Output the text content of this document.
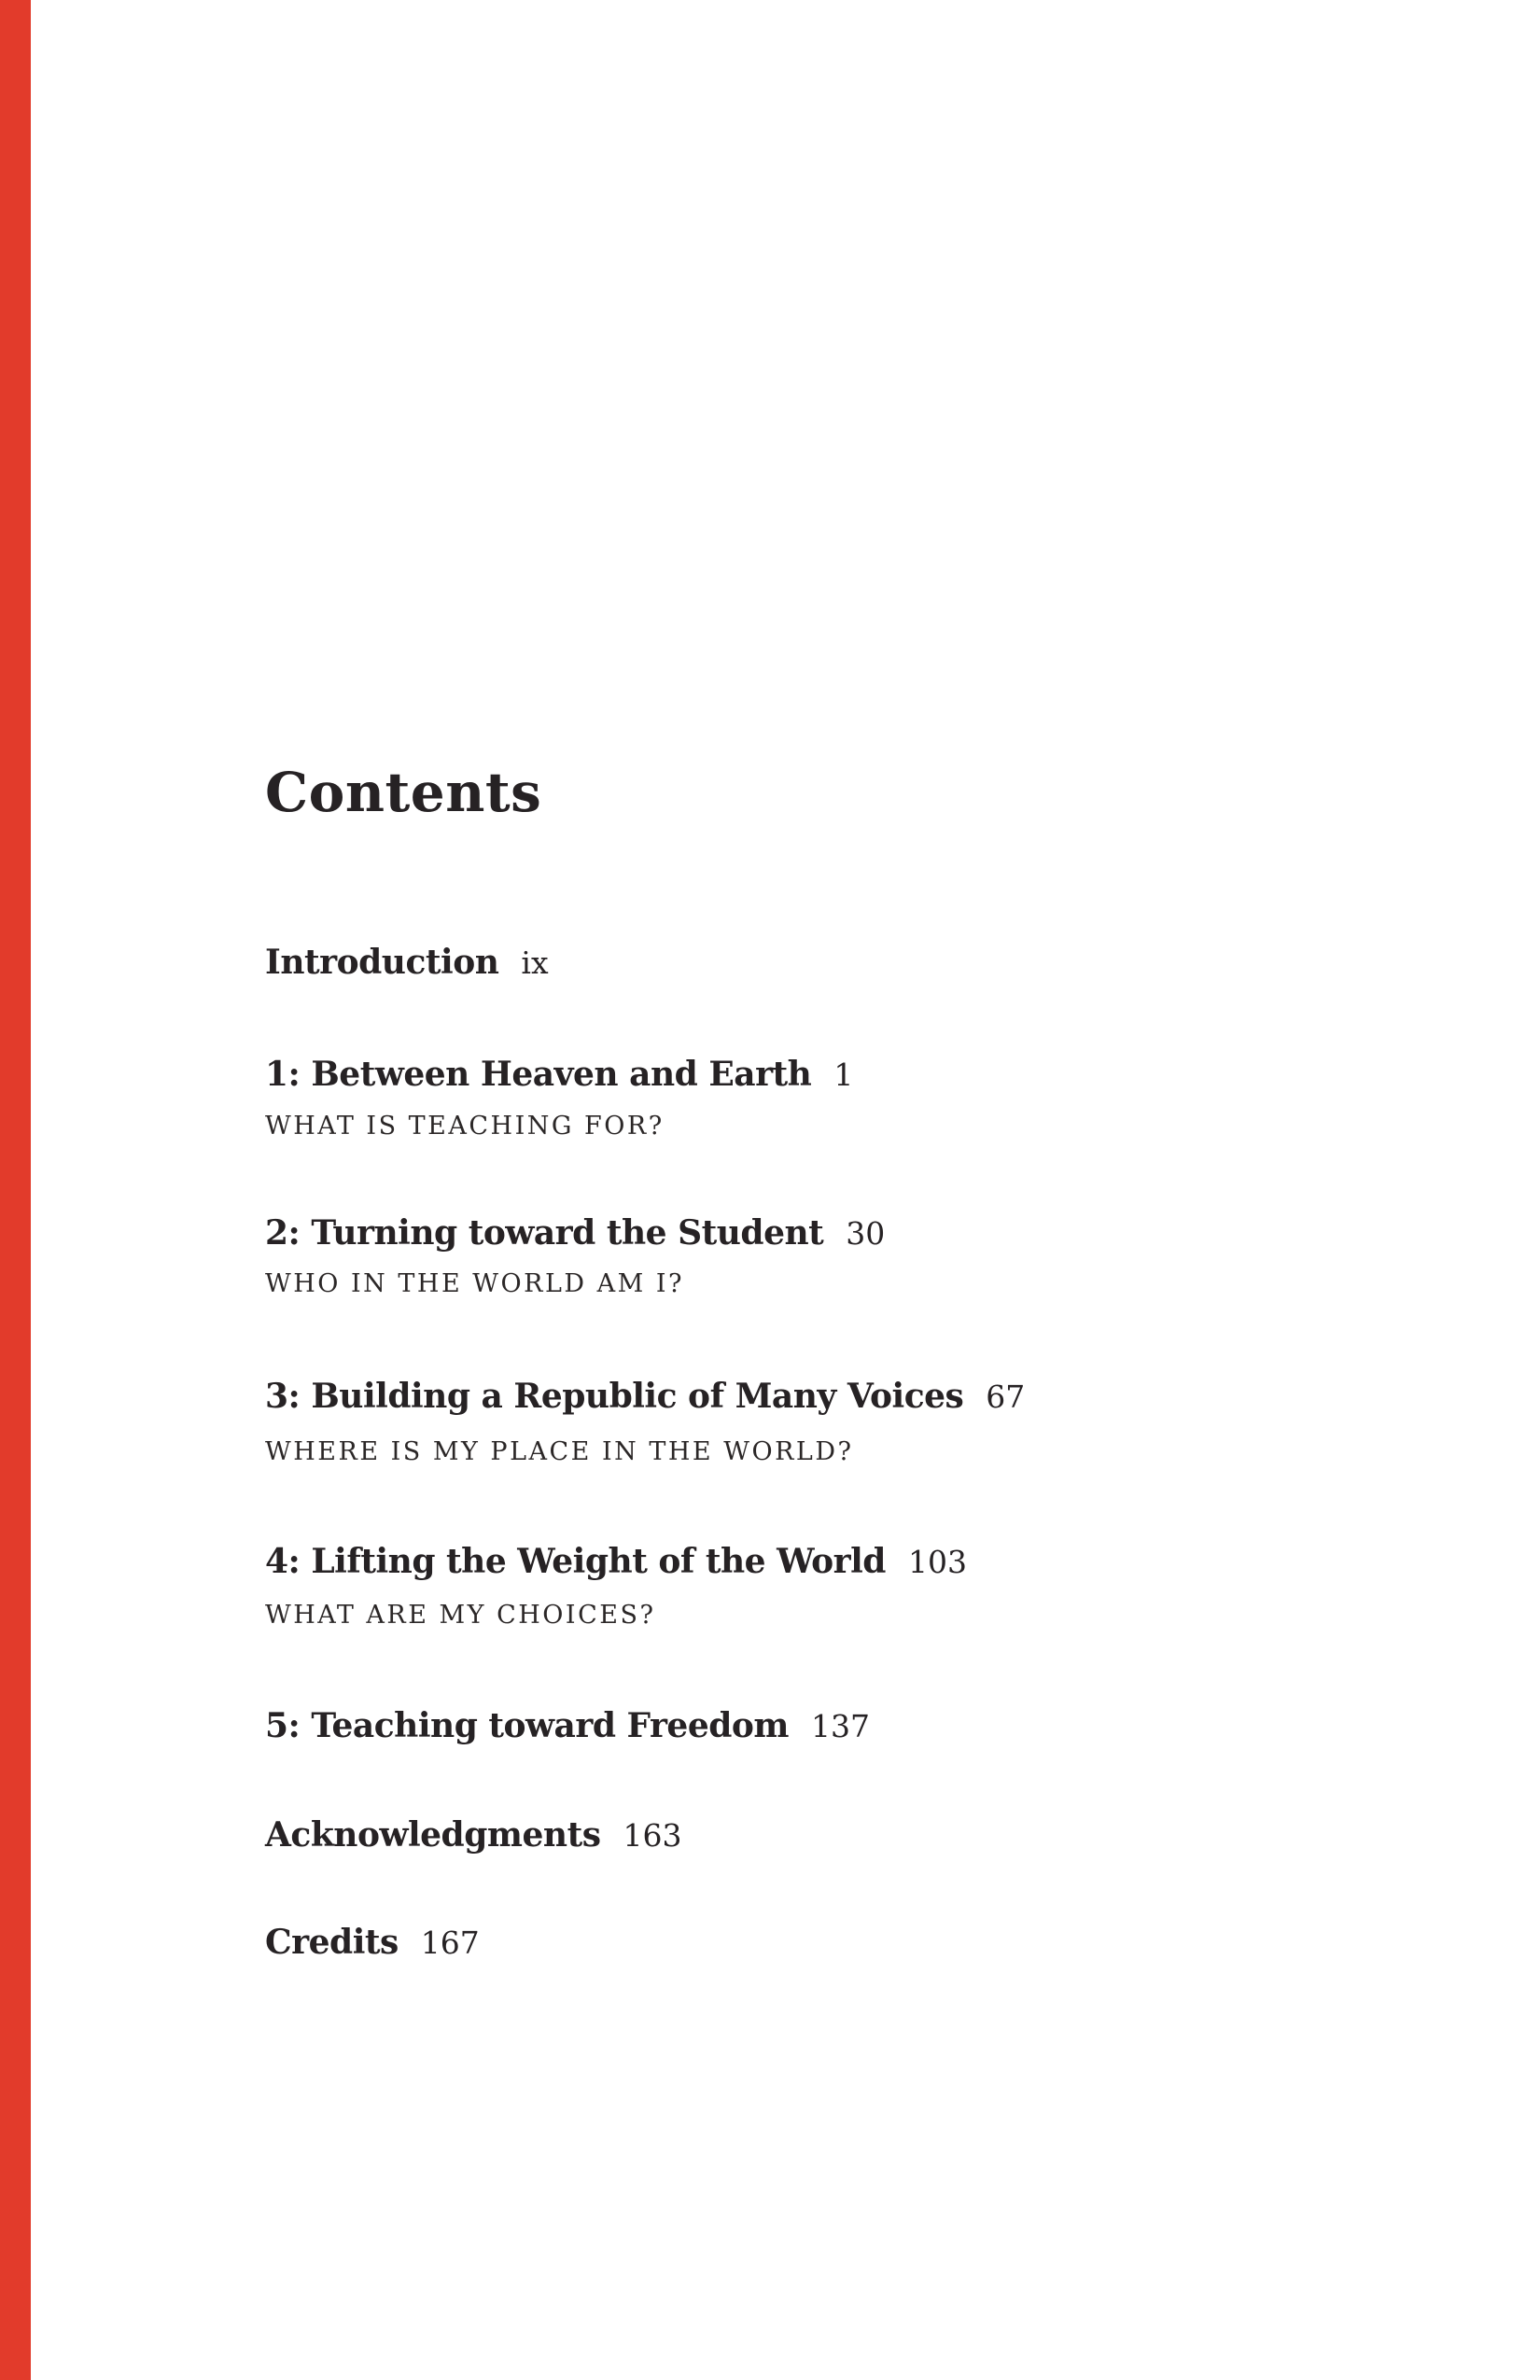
Contents
Introduction ix
1: Between Heaven and Earth 1
WHAT IS TEACHING FOR?
2: Turning toward the Student 30
WHO IN THE WORLD AM I?
3: Building a Republic of Many Voices 67
WHERE IS MY PLACE IN THE WORLD?
4: Lifting the Weight of the World 103
WHAT ARE MY CHOICES?
5: Teaching toward Freedom 137
Acknowledgments 163
Credits 167
